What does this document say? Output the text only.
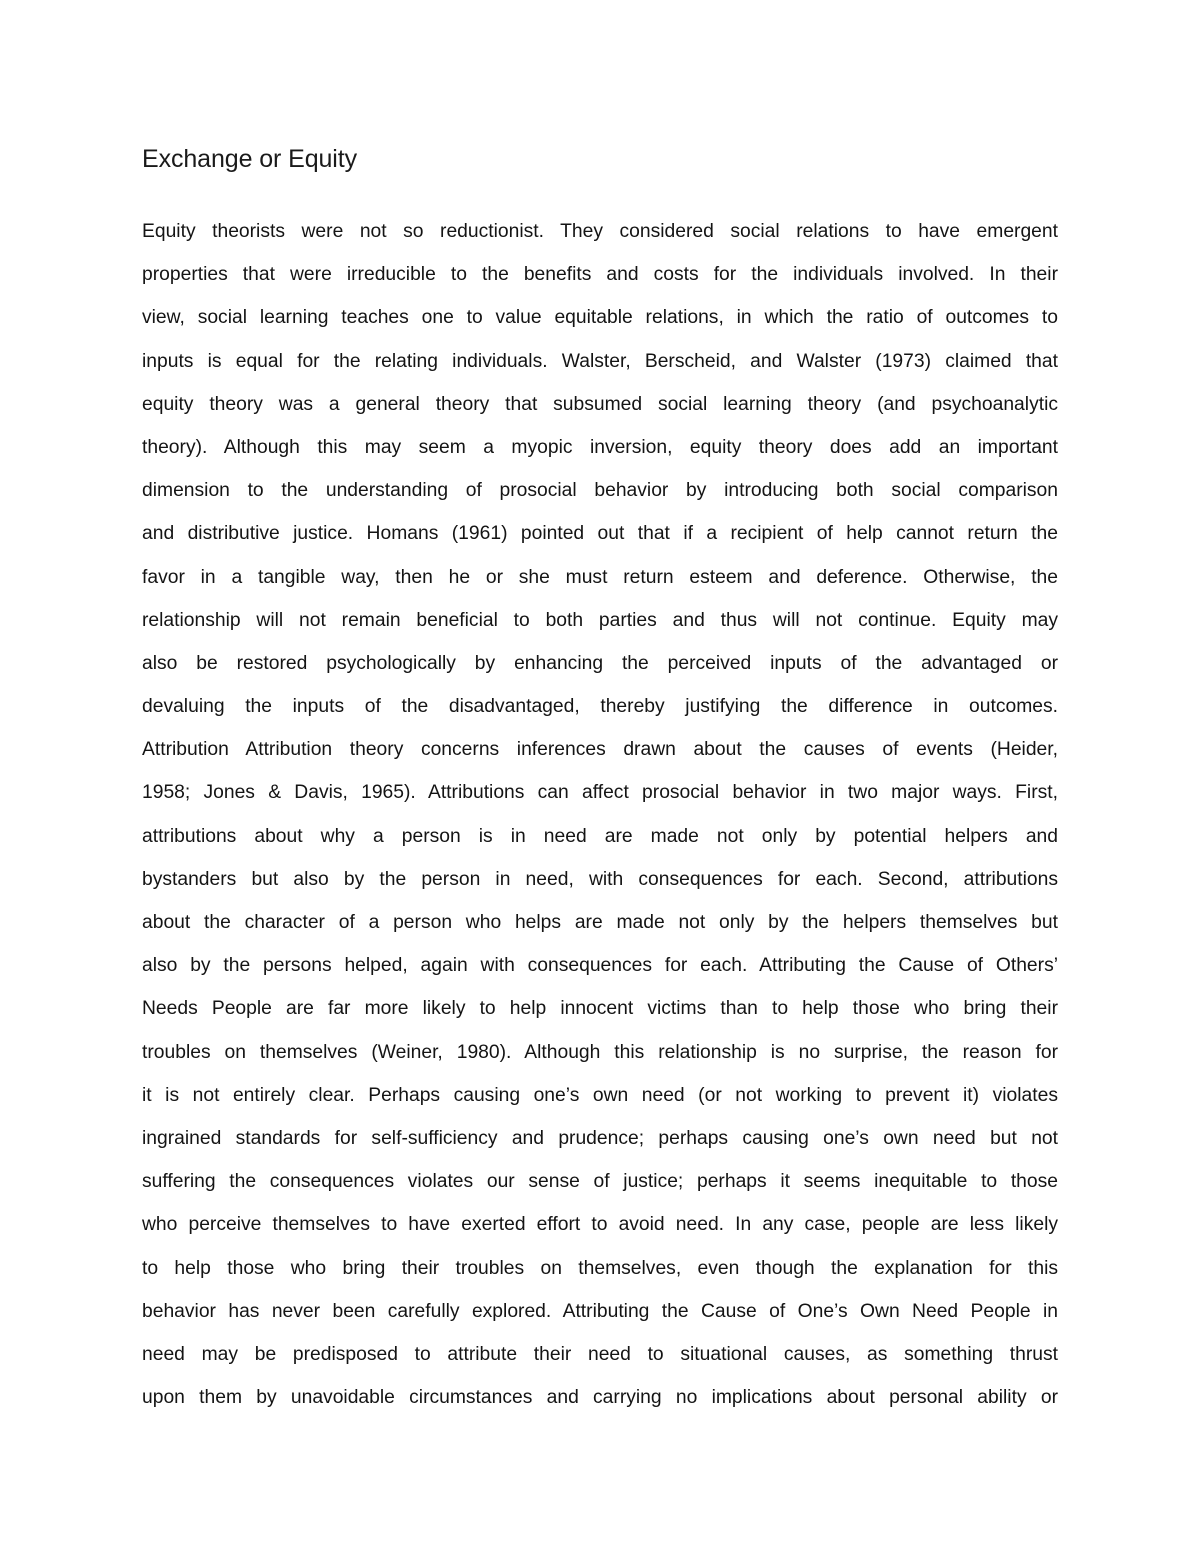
Exchange or Equity
Equity theorists were not so reductionist. They considered social relations to have emergent
properties that were irreducible to the benefits and costs for the individuals involved. In their
view, social learning teaches one to value equitable relations, in which the ratio of outcomes to
inputs is equal for the relating individuals. Walster, Berscheid, and Walster (1973) claimed that
equity theory was a general theory that subsumed social learning theory (and psychoanalytic
theory). Although this may seem a myopic inversion, equity theory does add an important
dimension to the understanding of prosocial behavior by introducing both social comparison
and distributive justice. Homans (1961) pointed out that if a recipient of help cannot return the
favor in a tangible way, then he or she must return esteem and deference. Otherwise, the
relationship will not remain beneficial to both parties and thus will not continue. Equity may
also be restored psychologically by enhancing the perceived inputs of the advantaged or
devaluing the inputs of the disadvantaged, thereby justifying the difference in outcomes.
Attribution Attribution theory concerns inferences drawn about the causes of events (Heider,
1958; Jones & Davis, 1965). Attributions can affect prosocial behavior in two major ways. First,
attributions about why a person is in need are made not only by potential helpers and
bystanders but also by the person in need, with consequences for each. Second, attributions
about the character of a person who helps are made not only by the helpers themselves but
also by the persons helped, again with consequences for each. Attributing the Cause of Others’
Needs People are far more likely to help innocent victims than to help those who bring their
troubles on themselves (Weiner, 1980). Although this relationship is no surprise, the reason for
it is not entirely clear. Perhaps causing one’s own need (or not working to prevent it) violates
ingrained standards for self-sufficiency and prudence; perhaps causing one’s own need but not
suffering the consequences violates our sense of justice; perhaps it seems inequitable to those
who perceive themselves to have exerted effort to avoid need. In any case, people are less likely
to help those who bring their troubles on themselves, even though the explanation for this
behavior has never been carefully explored. Attributing the Cause of One’s Own Need People in
need may be predisposed to attribute their need to situational causes, as something thrust
upon them by unavoidable circumstances and carrying no implications about personal ability or
